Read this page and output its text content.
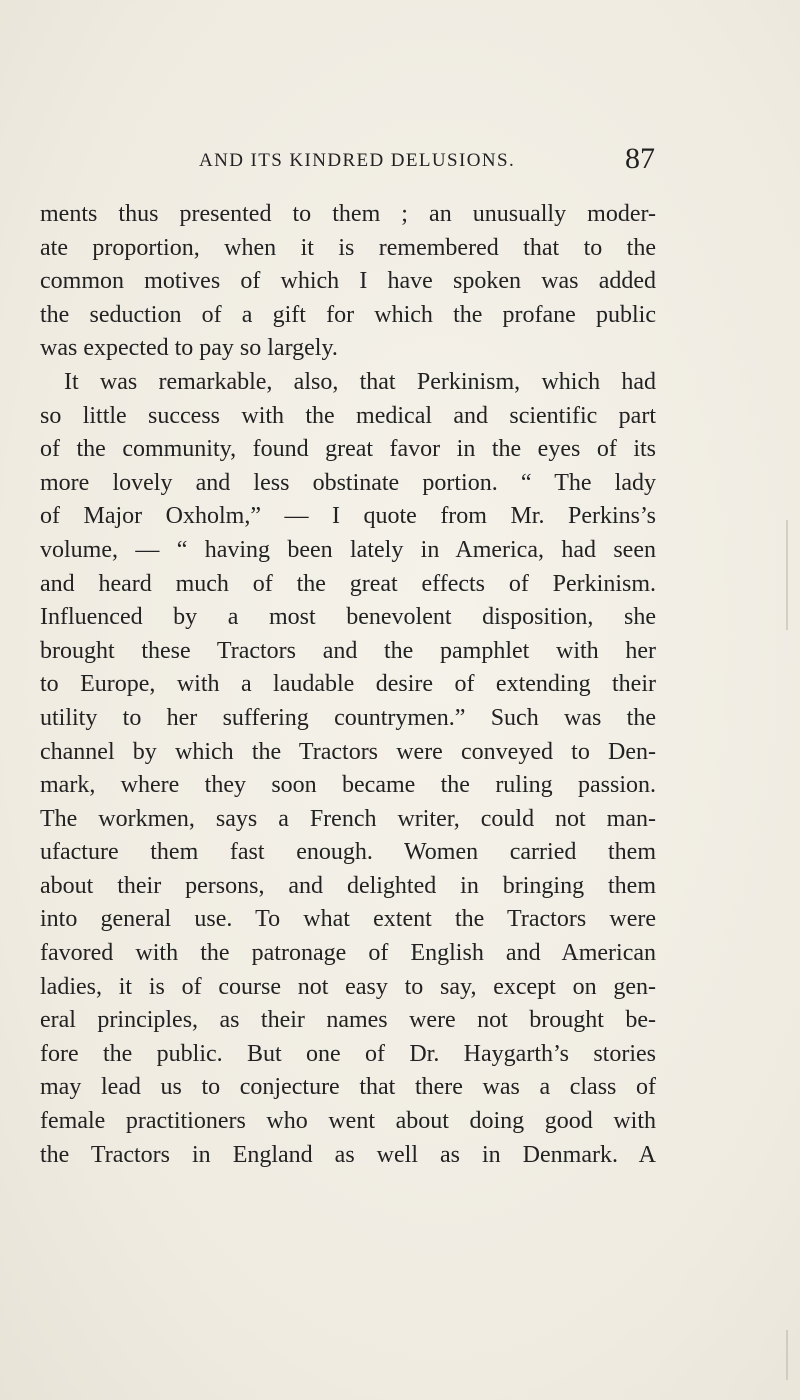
AND ITS KINDRED DELUSIONS.	87
ments thus presented to them ; an unusually moder-
ate proportion, when it is remembered that to the
common motives of which I have spoken was added
the seduction of a gift for which the profane public
was expected to pay so largely.
It was remarkable, also, that Perkinism, which had
so little success with the medical and scientific part
of the community, found great favor in the eyes of its
more lovely and less obstinate portion. “ The lady
of Major Oxholm,” — I quote from Mr. Perkins’s
volume, — “ having been lately in America, had seen
and heard much of the great effects of Perkinism.
Influenced by a most benevolent disposition, she
brought these Tractors and the pamphlet with her
to Europe, with a laudable desire of extending their
utility to her suffering countrymen.” Such was the
channel by which the Tractors were conveyed to Den-
mark, where they soon became the ruling passion.
The workmen, says a French writer, could not man-
ufacture them fast enough. Women carried them
about their persons, and delighted in bringing them
into general use. To what extent the Tractors were
favored with the patronage of English and American
ladies, it is of course not easy to say, except on gen-
eral principles, as their names were not brought be-
fore the public. But one of Dr. Haygarth’s stories
may lead us to conjecture that there was a class of
female practitioners who went about doing good with
the Tractors in England as well as in Denmark. A
